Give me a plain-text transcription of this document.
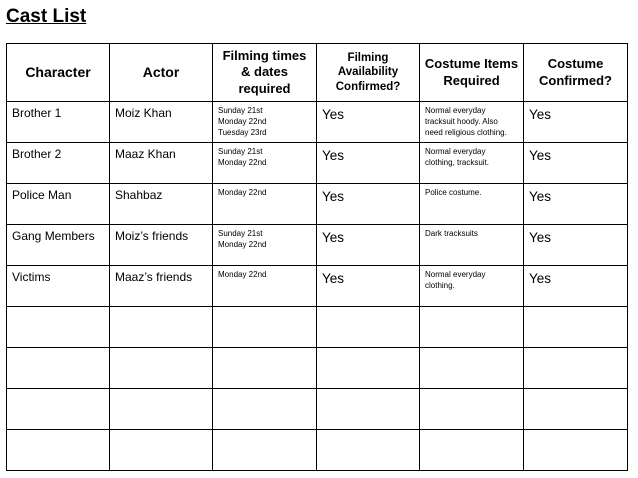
Cast List
Character	Actor	Filming times
& dates
required	Filming
Availability
Confirmed?	Costume Items
Required	Costume
Confirmed?

Brother 1	Moiz Khan	Sunday 21st
Monday 22nd
Tuesday 23rd	Yes	Normal everyday
tracksuit hoody. Also
need religious clothing.	Yes

Brother 2	Maaz Khan	Sunday 21st
Monday 22nd	Yes	Normal everyday
clothing, tracksuit.	Yes

Police Man	Shahbaz	Monday 22nd	Yes	Police costume.	Yes

Gang Members	Moiz’s friends	Sunday 21st
Monday 22nd	Yes	Dark tracksuits	Yes

Victims	Maaz’s friends	Monday 22nd	Yes	Normal everyday
clothing.	Yes
